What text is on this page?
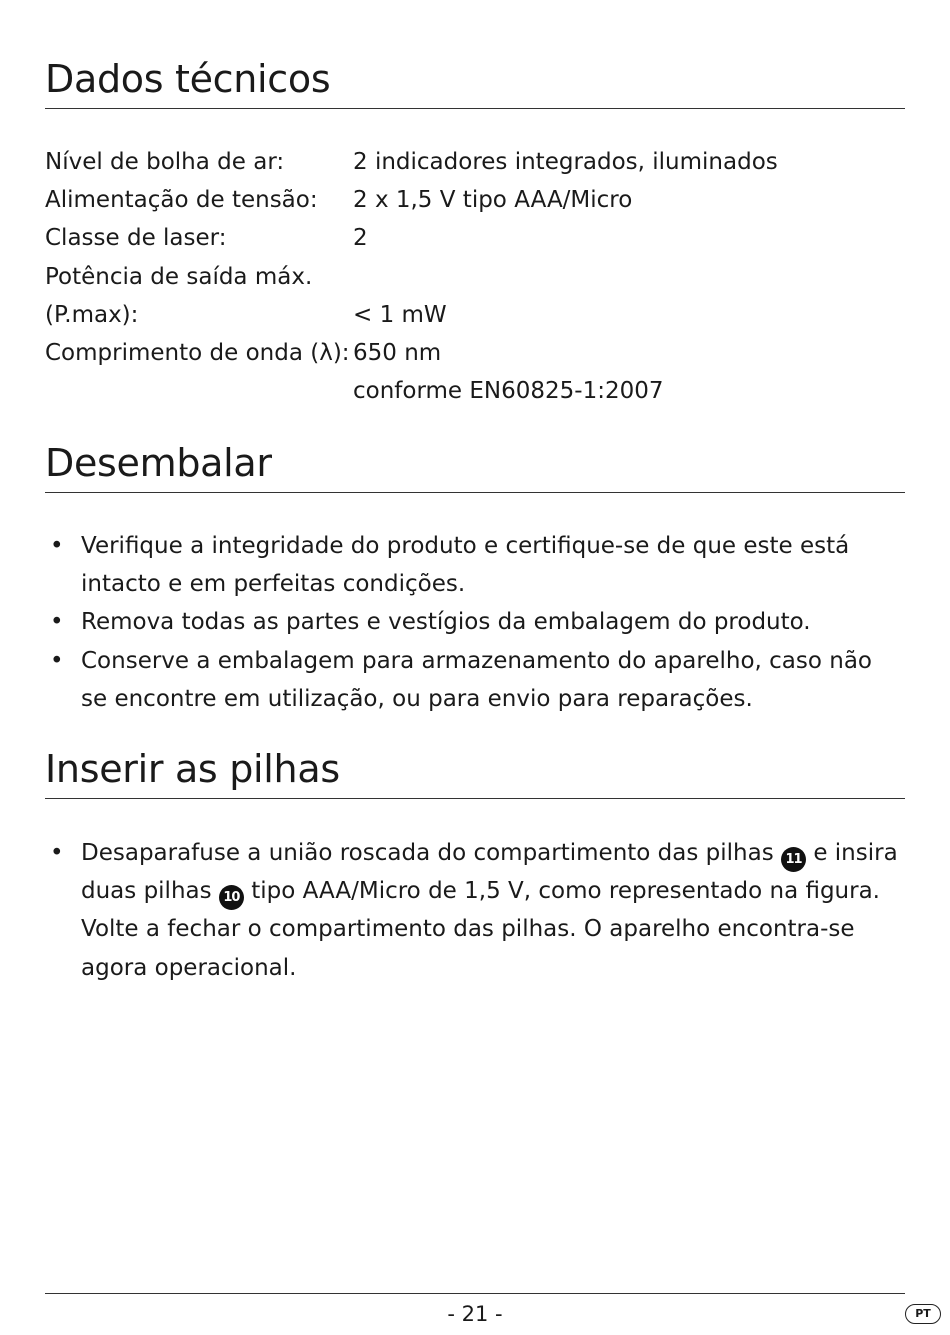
Dados técnicos
Nível de bolha de ar:	2 indicadores integrados, iluminados
Alimentação de tensão:	2 x 1,5 V tipo AAA/Micro
Classe de laser:	2
Potência de saída máx.
(P.max):	< 1 mW
Comprimento de onda (λ): 650 nm
conforme EN60825-1:2007
Desembalar
• Verifique a integridade do produto e certifique-se de que este está intacto e em perfeitas condições.
• Remova todas as partes e vestígios da embalagem do produto.
• Conserve a embalagem para armazenamento do aparelho, caso não se encontre em utilização, ou para envio para reparações.
Inserir as pilhas
• Desaparafuse a união roscada do compartimento das pilhas 11 e insira duas pilhas 10 tipo AAA/Micro de 1,5 V, como representado na figura. Volte a fechar o compartimento das pilhas. O aparelho encontra-se agora operacional.
- 21 -	PT
